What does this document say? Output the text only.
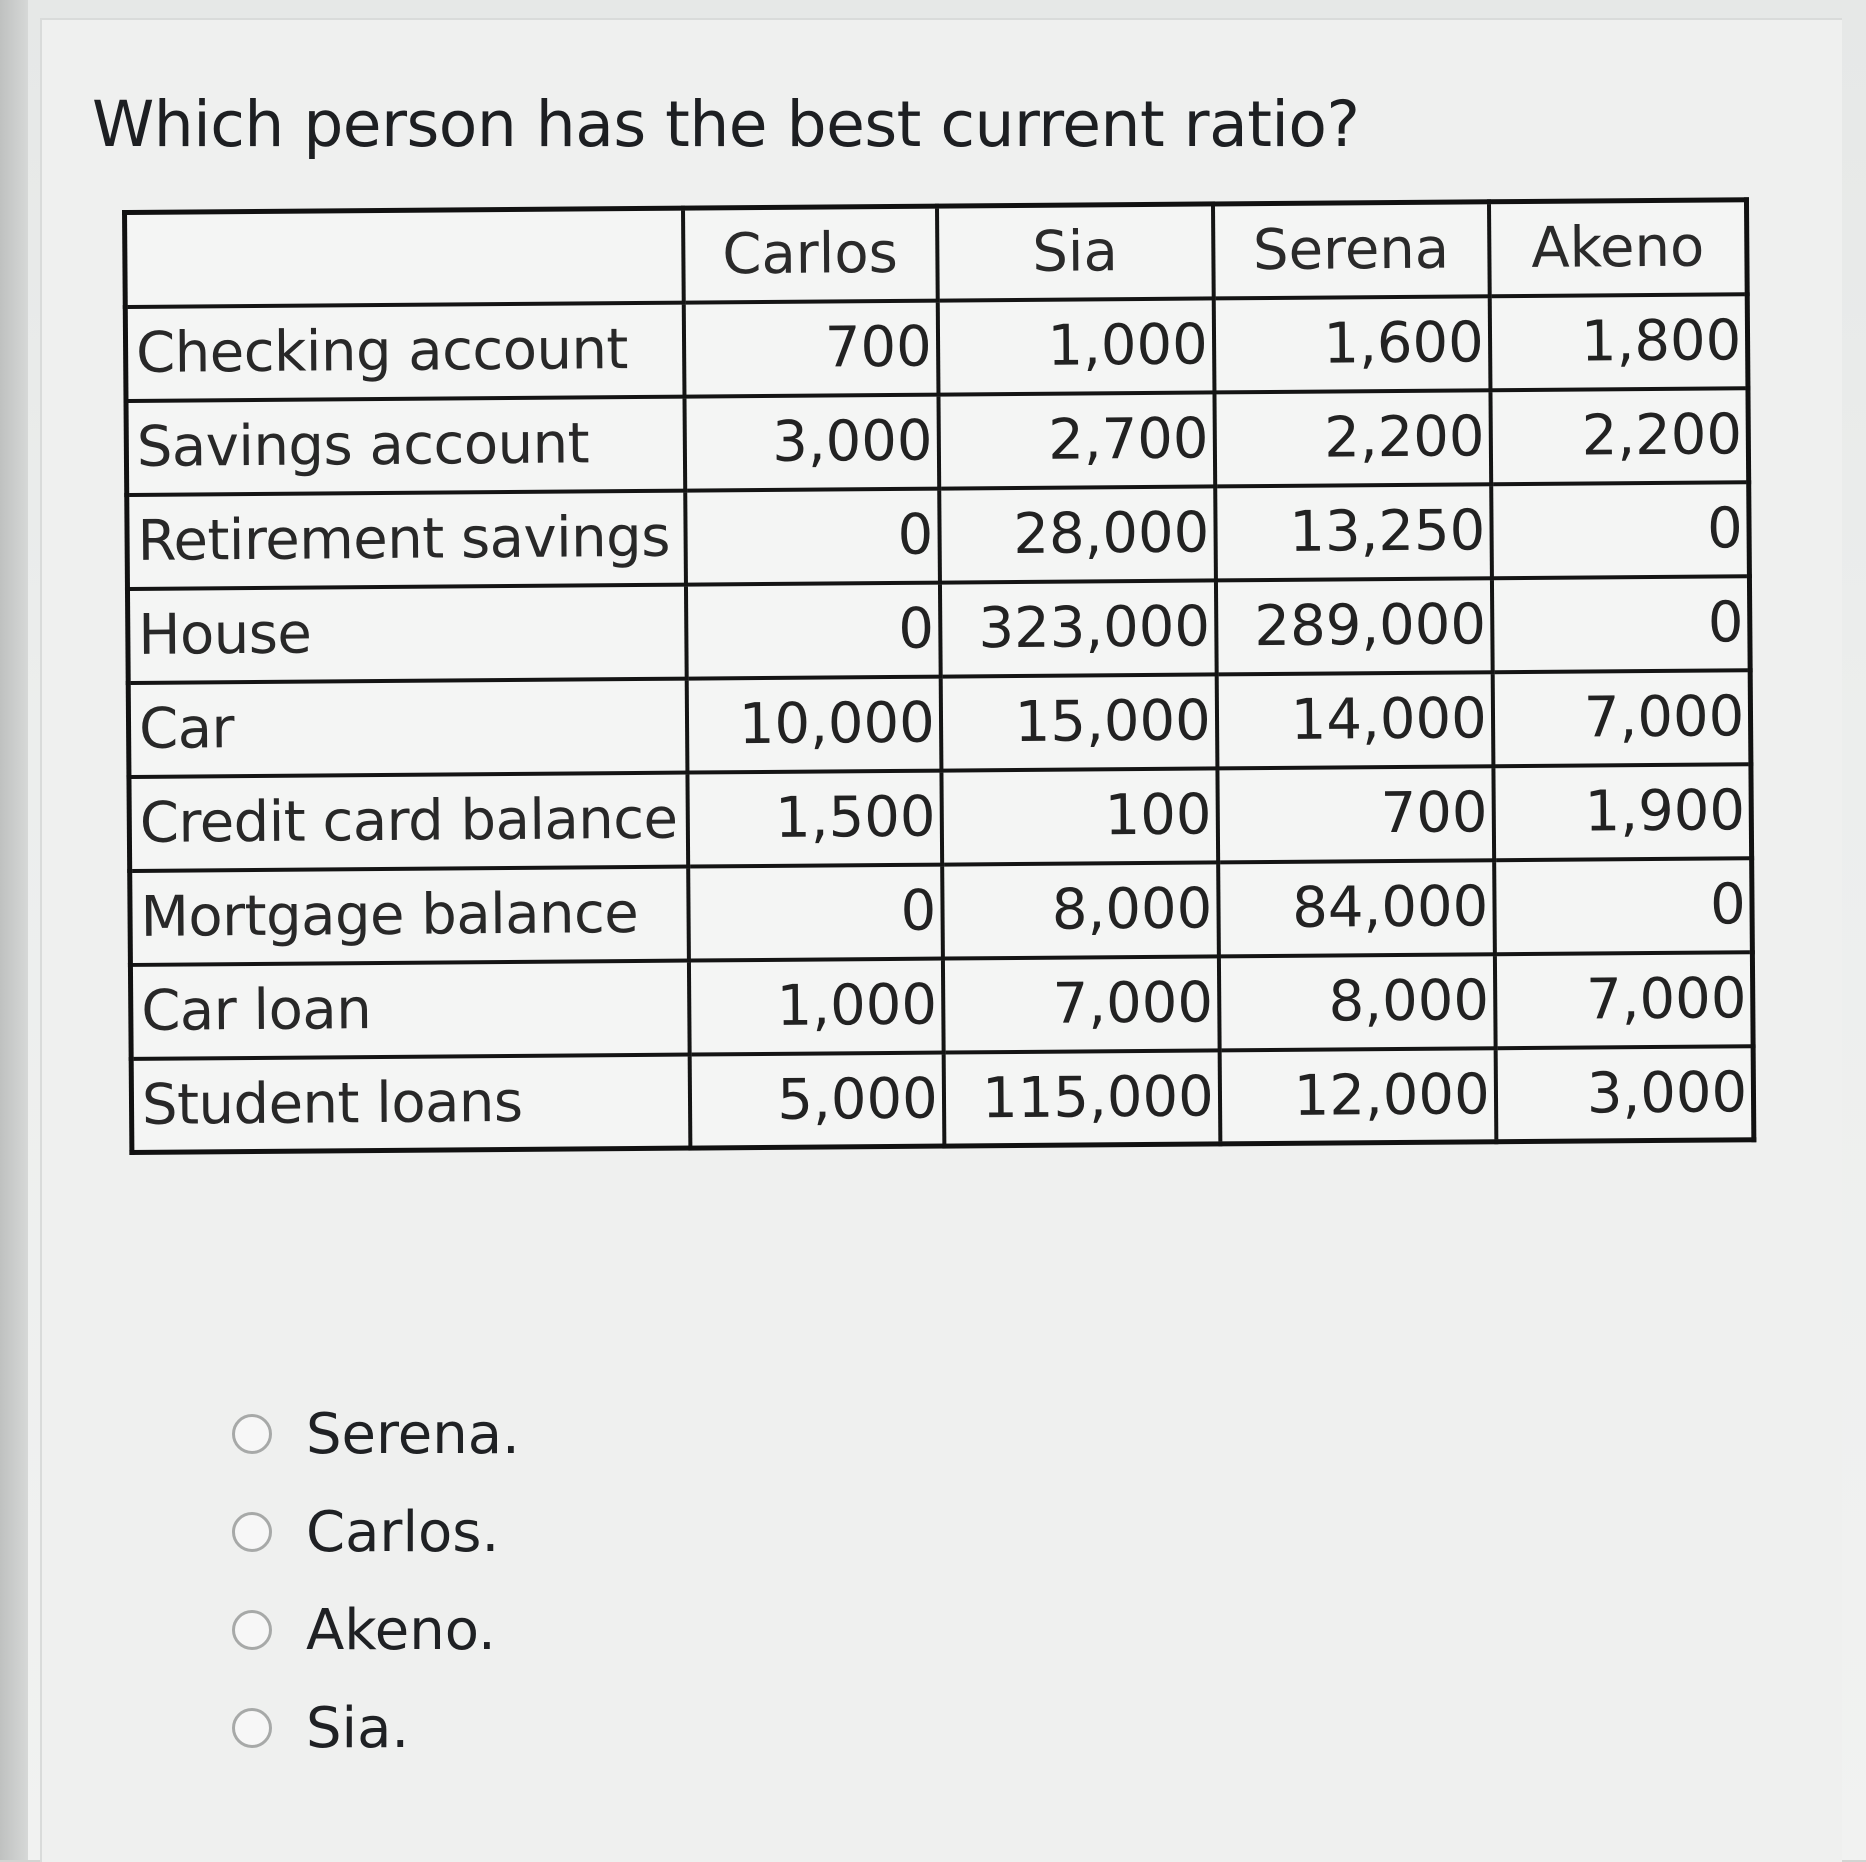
Which person has the best current ratio?
	Carlos	Sia	Serena	Akeno
Checking account	700	1,000	1,600	1,800
Savings account	3,000	2,700	2,200	2,200
Retirement savings	0	28,000	13,250	0
House	0	323,000	289,000	0
Car	10,000	15,000	14,000	7,000
Credit card balance	1,500	100	700	1,900
Mortgage balance	0	8,000	84,000	0
Car loan	1,000	7,000	8,000	7,000
Student loans	5,000	115,000	12,000	3,000
Serena.
Carlos.
Akeno.
Sia.
